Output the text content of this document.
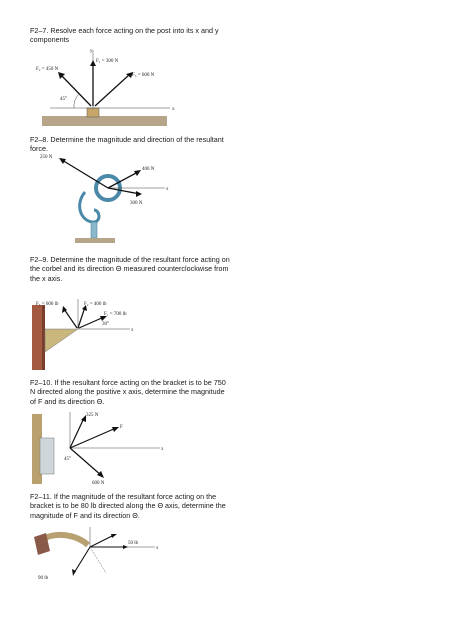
F2–7. Resolve each force acting on the post into its x and y components

x
y
F₁ = 300 N
F₂ = 450 N
F₃ = 600 N
45°

F2–8. Determine the magnitude and direction of the resultant force.

x
250 N
400 N
300 N

F2–9. Determine the magnitude of the resultant force acting on the corbel and its direction Θ measured counterclockwise from the x axis.

x
F₃ = 600 lb	F₂ = 400 lb
F₁ = 700 lb
30°

F2–10. If the resultant force acting on the bracket is to be 750 N directed along the positive x axis, determine the magnitude of F and its direction Θ.

x
325 N
F
600 N
45°

F2–11. If the magnitude of the resultant force acting on the bracket is to be 80 lb directed along the Θ axis, determine the magnitude of F and its direction Θ.

x
90 lb
50 lb
